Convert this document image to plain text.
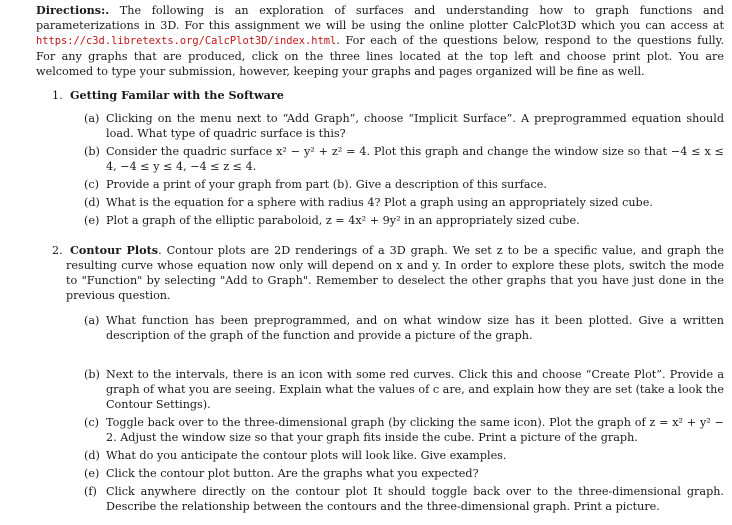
Directions:. The following is an exploration of surfaces and understanding how to graph functions and parameterizations in 3D. For this assignment we will be using the online plotter CalcPlot3D which you can access at https://c3d.libretexts.org/CalcPlot3D/index.html. For each of the questions below, respond to the questions fully. For any graphs that are produced, click on the three lines located at the top left and choose print plot. You are welcomed to type your submission, however, keeping your graphs and pages organized will be fine as well.

1. Getting Familar with the Software
(a) Clicking on the menu next to “Add Graph”, choose “Implicit Surface”. A preprogrammed equation should load. What type of quadric surface is this?
(b) Consider the quadric surface x² − y² + z² = 4. Plot this graph and change the window size so that −4 ≤ x ≤ 4, −4 ≤ y ≤ 4, −4 ≤ z ≤ 4.
(c) Provide a print of your graph from part (b). Give a description of this surface.
(d) What is the equation for a sphere with radius 4? Plot a graph using an appropriately sized cube.
(e) Plot a graph of the elliptic paraboloid, z = 4x² + 9y² in an appropriately sized cube.

2. Contour Plots. Contour plots are 2D renderings of a 3D graph. We set z to be a specific value, and graph the resulting curve whose equation now only will depend on x and y. In order to explore these plots, switch the mode to "Function" by selecting "Add to Graph". Remember to deselect the other graphs that you have just done in the previous question.

(a) What function has been preprogrammed, and on what window size has it been plotted. Give a written description of the graph of the function and provide a picture of the graph.
(b) Next to the intervals, there is an icon with some red curves. Click this and choose “Create Plot”. Provide a graph of what you are seeing. Explain what the values of c are, and explain how they are set (take a look the Contour Settings).
(c) Toggle back over to the three-dimensional graph (by clicking the same icon). Plot the graph of z = x² + y² − 2. Adjust the window size so that your graph fits inside the cube. Print a picture of the graph.
(d) What do you anticipate the contour plots will look like. Give examples.
(e) Click the contour plot button. Are the graphs what you expected?
(f) Click anywhere directly on the contour plot It should toggle back over to the three-dimensional graph. Describe the relationship between the contours and the three-dimensional graph. Print a picture.
